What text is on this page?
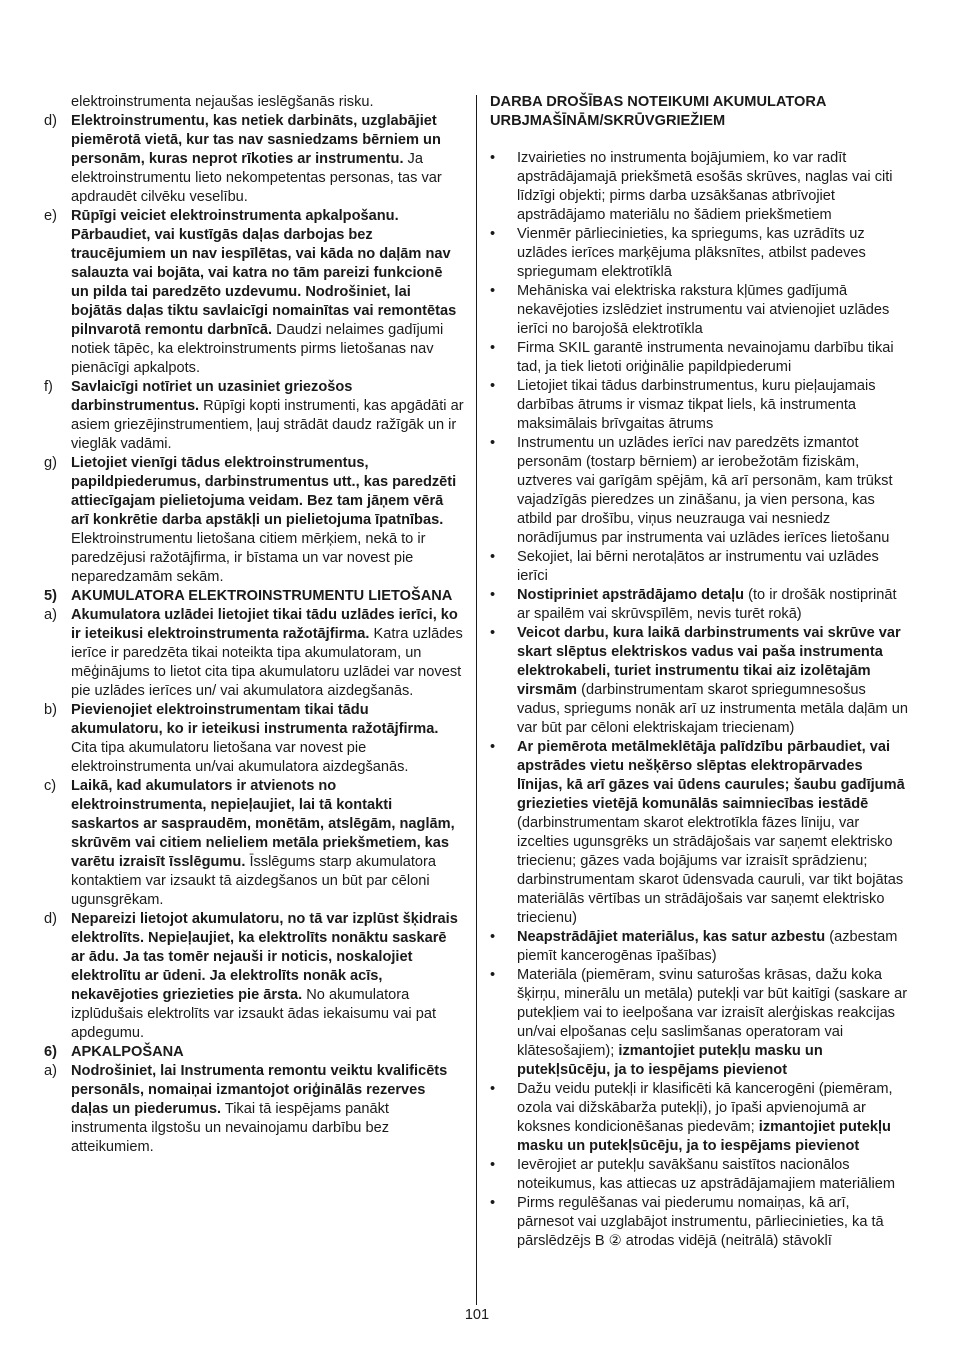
elektroinstrumenta nejaušas ieslēgšanās risku.
d) Elektroinstrumentu, kas netiek darbināts, uzglabājiet piemērotā vietā, kur tas nav sasniedzams bērniem un personām, kuras neprot rīkoties ar instrumentu. Ja elektroinstrumentu lieto nekompetentas personas, tas var apdraudēt cilvēku veselību.
e) Rūpīgi veiciet elektroinstrumenta apkalpošanu. Pārbaudiet, vai kustīgās daļas darbojas bez traucējumiem un nav iespīlētas, vai kāda no daļām nav salauzta vai bojāta, vai katra no tām pareizi funkcionē un pilda tai paredzēto uzdevumu. Nodrošiniet, lai bojātās daļas tiktu savlaicīgi nomainītas vai remontētas pilnvarotā remontu darbnīcā. Daudzi nelaimes gadījumi notiek tāpēc, ka elektroinstruments pirms lietošanas nav pienācīgi apkalpots.
f) Savlaicīgi notīriet un uzasiniet griezošos darbinstrumentus. Rūpīgi kopti instrumenti, kas apgādāti ar asiem griezējinstrumentiem, ļauj strādāt daudz ražīgāk un ir vieglāk vadāmi.
g) Lietojiet vienīgi tādus elektroinstrumentus, papildpiederumus, darbinstrumentus utt., kas paredzēti attiecīgajam pielietojuma veidam. Bez tam jāņem vērā arī konkrētie darba apstākļi un pielietojuma īpatnības. Elektroinstrumentu lietošana citiem mērķiem, nekā to ir paredzējusi ražotājfirma, ir bīstama un var novest pie neparedzamām sekām.
5) AKUMULATORA ELEKTROINSTRUMENTU LIETOŠANA
a) Akumulatora uzlādei lietojiet tikai tādu uzlādes ierīci, ko ir ieteikusi elektroinstrumenta ražotājfirma. Katra uzlādes ierīce ir paredzēta tikai noteikta tipa akumulatoram, un mēģinājums to lietot cita tipa akumulatoru uzlādei var novest pie uzlādes ierīces un/ vai akumulatora aizdegšanās.
b) Pievienojiet elektroinstrumentam tikai tādu akumulatoru, ko ir ieteikusi instrumenta ražotājfirma. Cita tipa akumulatoru lietošana var novest pie elektroinstrumenta un/vai akumulatora aizdegšanās.
c) Laikā, kad akumulators ir atvienots no elektroinstrumenta, nepieļaujiet, lai tā kontakti saskartos ar saspraudēm, monētām, atslēgām, naglām, skrūvēm vai citiem nelieliem metāla priekšmetiem, kas varētu izraisīt īsslēgumu. Īsslēgums starp akumulatora kontaktiem var izsaukt tā aizdegšanos un būt par cēloni ugunsgrēkam.
d) Nepareizi lietojot akumulatoru, no tā var izplūst šķidrais elektrolīts. Nepieļaujiet, ka elektrolīts nonāktu saskarē ar ādu. Ja tas tomēr nejauši ir noticis, noskalojiet elektrolītu ar ūdeni. Ja elektrolīts nonāk acīs, nekavējoties griezieties pie ārsta. No akumulatora izplūdušais elektrolīts var izsaukt ādas iekaisumu vai pat apdegumu.
6) APKALPOŠANA
a) Nodrošiniet, lai Instrumenta remontu veiktu kvalificēts personāls, nomaiņai izmantojot oriģinālās rezerves daļas un piederumus. Tikai tā iespējams panākt instrumenta ilgstošu un nevainojamu darbību bez atteikumiem.
DARBA DROŠĪBAS NOTEIKUMI AKUMULATORA URBJMAŠĪNĀM/SKRŪVGRIEŽIEM
• Izvairieties no instrumenta bojājumiem, ko var radīt apstrādājamajā priekšmetā esošās skrūves, naglas vai citi līdzīgi objekti; pirms darba uzsākšanas atbrīvojiet apstrādājamo materiālu no šādiem priekšmetiem
• Vienmēr pārliecinieties, ka spriegums, kas uzrādīts uz uzlādes ierīces marķējuma plāksnītes, atbilst padeves spriegumam elektrotīklā
• Mehāniska vai elektriska rakstura kļūmes gadījumā nekavējoties izslēdziet instrumentu vai atvienojiet uzlādes ierīci no barojošā elektrotīkla
• Firma SKIL garantē instrumenta nevainojamu darbību tikai tad, ja tiek lietoti oriģinālie papildpiederumi
• Lietojiet tikai tādus darbinstrumentus, kuru pieļaujamais darbības ātrums ir vismaz tikpat liels, kā instrumenta maksimālais brīvgaitas ātrums
• Instrumentu un uzlādes ierīci nav paredzēts izmantot personām (tostarp bērniem) ar ierobežotām fiziskām, uztveres vai garīgām spējām, kā arī personām, kam trūkst vajadzīgās pieredzes un zināšanu, ja vien persona, kas atbild par drošību, viņus neuzrauga vai nesniedz norādījumus par instrumenta vai uzlādes ierīces lietošanu
• Sekojiet, lai bērni nerotaļātos ar instrumentu vai uzlādes ierīci
• Nostipriniet apstrādājamo detaļu (to ir drošāk nostiprināt ar spailēm vai skrūvspīlēm, nevis turēt rokā)
• Veicot darbu, kura laikā darbinstruments vai skrūve var skart slēptus elektriskos vadus vai paša instrumenta elektrokabeli, turiet instrumentu tikai aiz izolētajām virsmām (darbinstrumentam skarot spriegumnesošus vadus, spriegums nonāk arī uz instrumenta metāla daļām un var būt par cēloni elektriskajam triecienam)
• Ar piemērota metālmeklētāja palīdzību pārbaudiet, vai apstrādes vietu nešķērso slēptas elektropārvades līnijas, kā arī gāzes vai ūdens caurules; šaubu gadījumā griezieties vietējā komunālās saimniecības iestādē (darbinstrumentam skarot elektrotīkla fāzes līniju, var izcelties ugunsgrēks un strādājošais var saņemt elektrisko triecienu; gāzes vada bojājums var izraisīt sprādzienu; darbinstrumentam skarot ūdensvada cauruli, var tikt bojātas materiālās vērtības un strādājošais var saņemt elektrisko triecienu)
• Neapstrādājiet materiālus, kas satur azbestu (azbestam piemīt kancerogēnas īpašības)
• Materiāla (piemēram, svinu saturošas krāsas, dažu koka šķirņu, minerālu un metāla) putekļi var būt kaitīgi (saskare ar putekļiem vai to ieelpošana var izraisīt alerģiskas reakcijas un/vai elpošanas ceļu saslimšanas operatoram vai klātesošajiem); izmantojiet putekļu masku un putekļsūcēju, ja to iespējams pievienot
• Dažu veidu putekļi ir klasificēti kā kancerogēni (piemēram, ozola vai dižskābarža putekļi), jo īpaši apvienojumā ar koksnes kondicionēšanas piedevām; izmantojiet putekļu masku un putekļsūcēju, ja to iespējams pievienot
• Ievērojiet ar putekļu savākšanu saistītos nacionālos noteikumus, kas attiecas uz apstrādājamajiem materiāliem
• Pirms regulēšanas vai piederumu nomaiņas, kā arī, pārnesot vai uzglabājot instrumentu, pārliecinieties, ka tā pārslēdzējs B ② atrodas vidējā (neitrālā) stāvoklī
101
